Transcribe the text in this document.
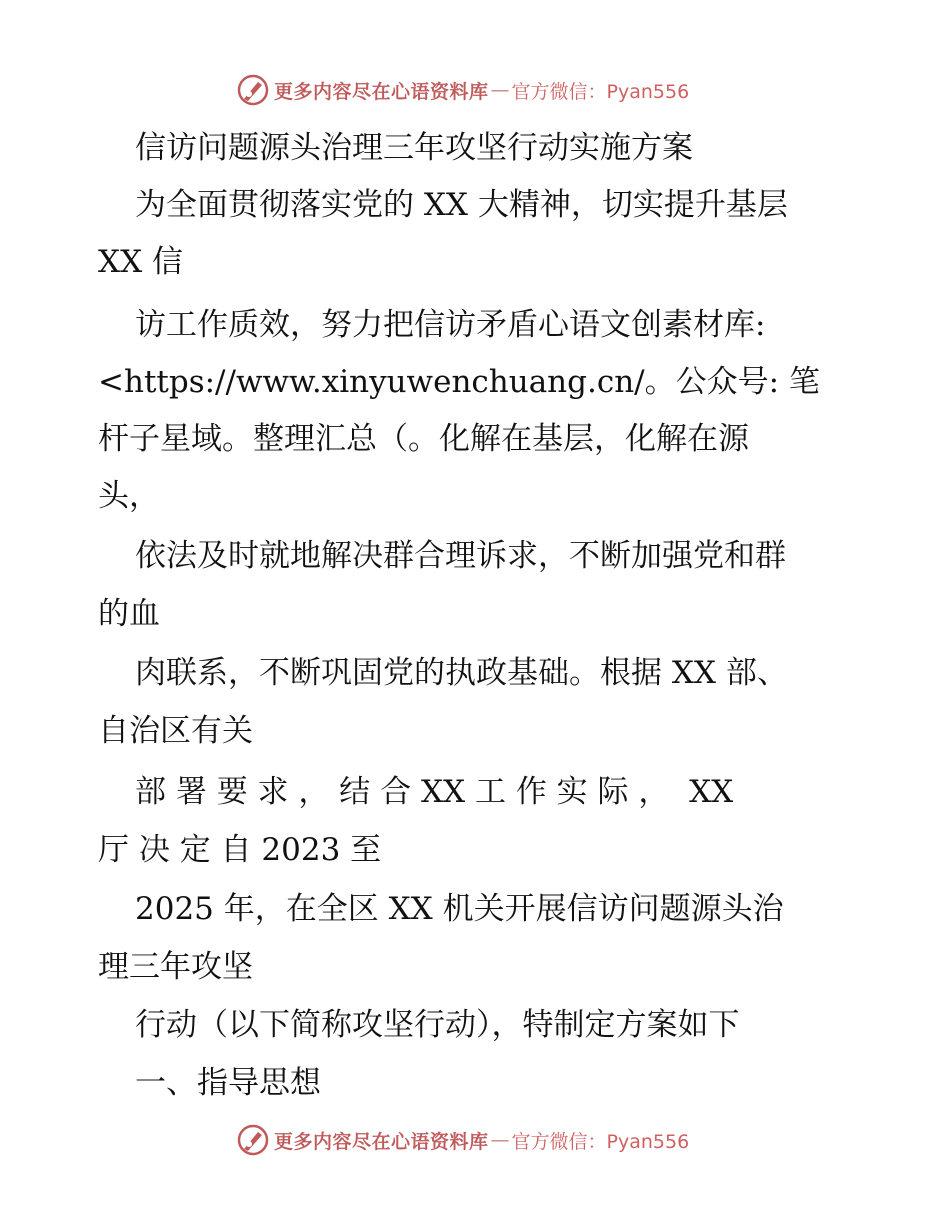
更多内容尽在心语资料库 — 官方微信：Pyan556
信访问题源头治理三年攻坚行动实施方案
为全面贯彻落实党的 XX 大精神，切实提升基层
XX 信
访工作质效，努力把信访矛盾心语文创素材库:
<https://www.xinyuwenchuang.cn/。公众号: 笔
杆子星域。整理汇总（。化解在基层，化解在源
头，
依法及时就地解决群合理诉求，不断加强党和群
的血
肉联系，不断巩固党的执政基础。根据 XX 部、
自治区有关
部 署 要 求 ， 结 合 XX 工 作 实 际 ，  XX
厅 决 定 自 2023 至
2025 年，在全区 XX 机关开展信访问题源头治
理三年攻坚
行动（以下简称攻坚行动），特制定方案如下
一、指导思想
更多内容尽在心语资料库 — 官方微信：Pyan556
